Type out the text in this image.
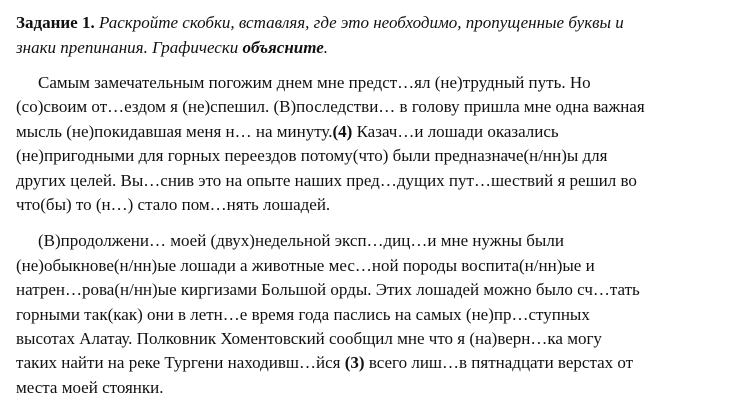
Задание 1. Раскройте скобки, вставляя, где это необходимо, пропущенные буквы и
знаки препинания. Графически объясните.

Самым замечательным погожим днем мне предст…ял (не)трудный путь. Но
(со)своим от…ездом я (не)спешил. (В)последстви… в голову пришла мне одна важная
мысль (не)покидавшая меня н… на минуту.(4) Казач…и лошади оказались
(не)пригодными для горных переездов потому(что) были предназначе(н/нн)ы для
других целей. Вы…снив это на опыте наших пред…дущих пут…шествий я решил во
что(бы) то (н…) стало пом…нять лошадей.

(В)продолжени… моей (двух)недельной эксп…диц…и мне нужны были
(не)обыкнове(н/нн)ые лошади а животные мес…ной породы воспита(н/нн)ые и
натрен…рова(н/нн)ые киргизами Большой орды. Этих лошадей можно было сч…тать
горными так(как) они в летн…е время года паслись на самых (не)пр…ступных
высотах Алатау. Полковник Хоментовский сообщил мне что я (на)верн…ка могу
таких найти на реке Тургени находивш…йся (3) всего лиш…в пятнадцати верстах от
места моей стоянки.
